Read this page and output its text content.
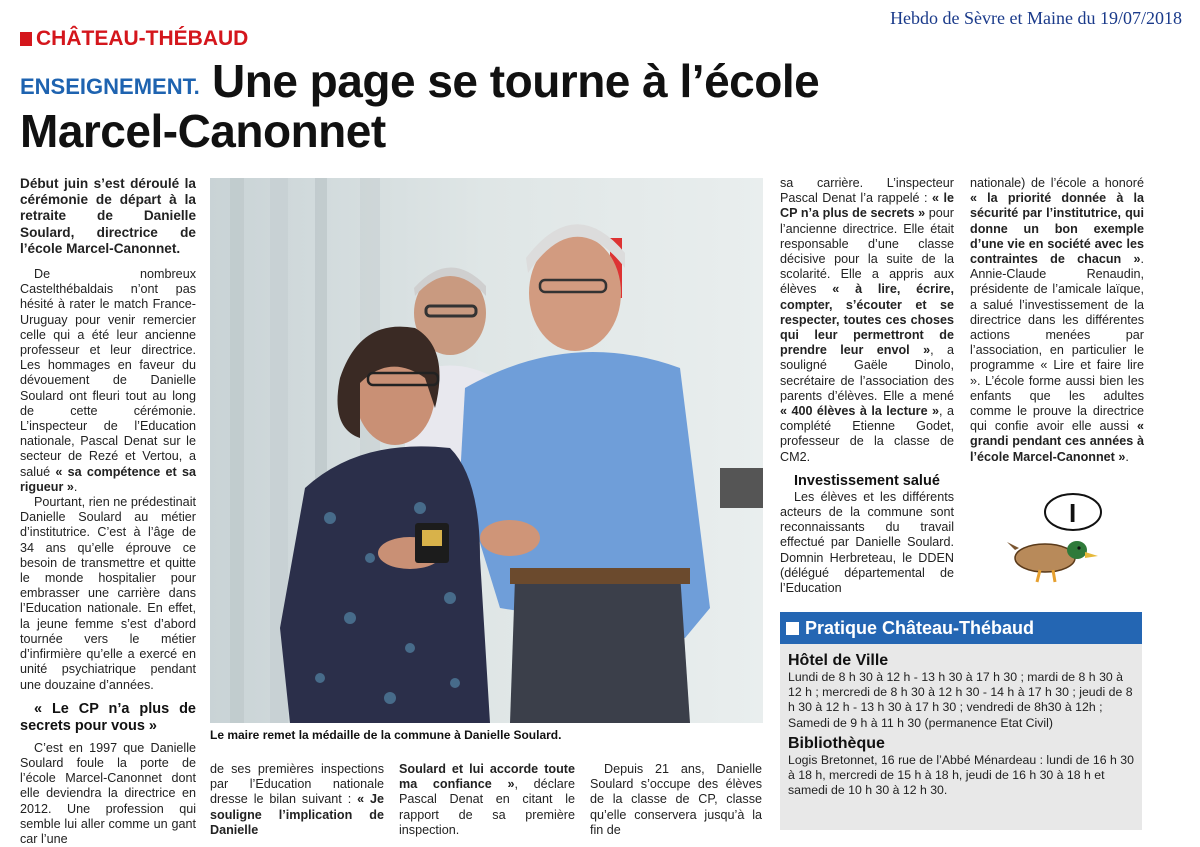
Hebdo de Sèvre et Maine du 19/07/2018
CHÂTEAU-THÉBAUD
ENSEIGNEMENT. Une page se tourne à l’école
Marcel-Canonnet

Début juin s’est déroulé la cérémonie de départ à la retraite de Danielle Soulard, directrice de l’école Marcel-Canonnet.

De nombreux Castelthébaldais n’ont pas hésité à rater le match France-Uruguay pour venir remercier celle qui a été leur ancienne professeur et leur directrice. Les hommages en faveur du dévouement de Danielle Soulard ont fleuri tout au long de cette cérémonie. L’inspecteur de l’Education nationale, Pascal Denat sur le secteur de Rezé et Vertou, a salué « sa compétence et sa rigueur ».

Pourtant, rien ne prédestinait Danielle Soulard au métier d’institutrice. C’est à l’âge de 34 ans qu’elle éprouve ce besoin de transmettre et quitte le monde hospitalier pour embrasser une carrière dans l’Education nationale. En effet, la jeune femme s’est d’abord tournée vers le métier d’infirmière qu’elle a exercé en unité psychiatrique pendant une douzaine d’années.

« Le CP n’a plus de secrets pour vous »

C’est en 1997 que Danielle Soulard foule la porte de l’école Marcel-Canonnet dont elle deviendra la directrice en 2012. Une profession qui semble lui aller comme un gant car l’une

Le maire remet la médaille de la commune à Danielle Soulard.

de ses premières inspections par l’Education nationale dresse le bilan suivant : « Je souligne l’implication de Danielle

Soulard et lui accorde toute ma confiance », déclare Pascal Denat en citant le rapport de sa première inspection.

Depuis 21 ans, Danielle Soulard s’occupe des élèves de la classe de CP, classe qu’elle conservera jusqu’à la fin de

sa carrière. L’inspecteur Pascal Denat l’a rappelé : « le CP n’a plus de secrets » pour l’ancienne directrice. Elle était responsable d’une classe décisive pour la suite de la scolarité. Elle a appris aux élèves « à lire, écrire, compter, s’écouter et se respecter, toutes ces choses qui leur permettront de prendre leur envol », a souligné Gaële Dinolo, secrétaire de l’association des parents d’élèves. Elle a mené « 400 élèves à la lecture », a complété Etienne Godet, professeur de la classe de CM2.

Investissement salué

Les élèves et les différents acteurs de la commune sont reconnaissants du travail effectué par Danielle Soulard. Domnin Herbreteau, le DDEN (délégué départemental de l’Education

nationale) de l’école a honoré « la priorité donnée à la sécurité par l’institutrice, qui donne un bon exemple d’une vie en société avec les contraintes de chacun ». Annie-Claude Renaudin, présidente de l’amicale laïque, a salué l’investissement de la directrice dans les différentes actions menées par l’association, en particulier le programme « Lire et faire lire ». L’école forme aussi bien les enfants que les adultes comme le prouve la directrice qui confie avoir elle aussi « grandi pendant ces années à l’école Marcel-Canonnet ».

I
Pratique Château-Thébaud
Hôtel de Ville
Lundi de 8 h 30 à 12 h - 13 h 30 à 17 h 30 ; mardi de 8 h 30 à 12 h ; mercredi de 8 h 30 à 12 h 30 - 14 h à 17 h 30 ; jeudi de 8 h 30 à 12 h - 13 h 30 à 17 h 30 ; vendredi de 8h30 à 12h ; Samedi de 9 h à 11 h 30 (permanence Etat Civil)
Bibliothèque
Logis Bretonnet, 16 rue de l’Abbé Ménardeau : lundi de 16 h 30 à 18 h, mercredi de 15 h à 18 h, jeudi de 16 h 30 à 18 h et samedi de 10 h 30 à 12 h 30.
